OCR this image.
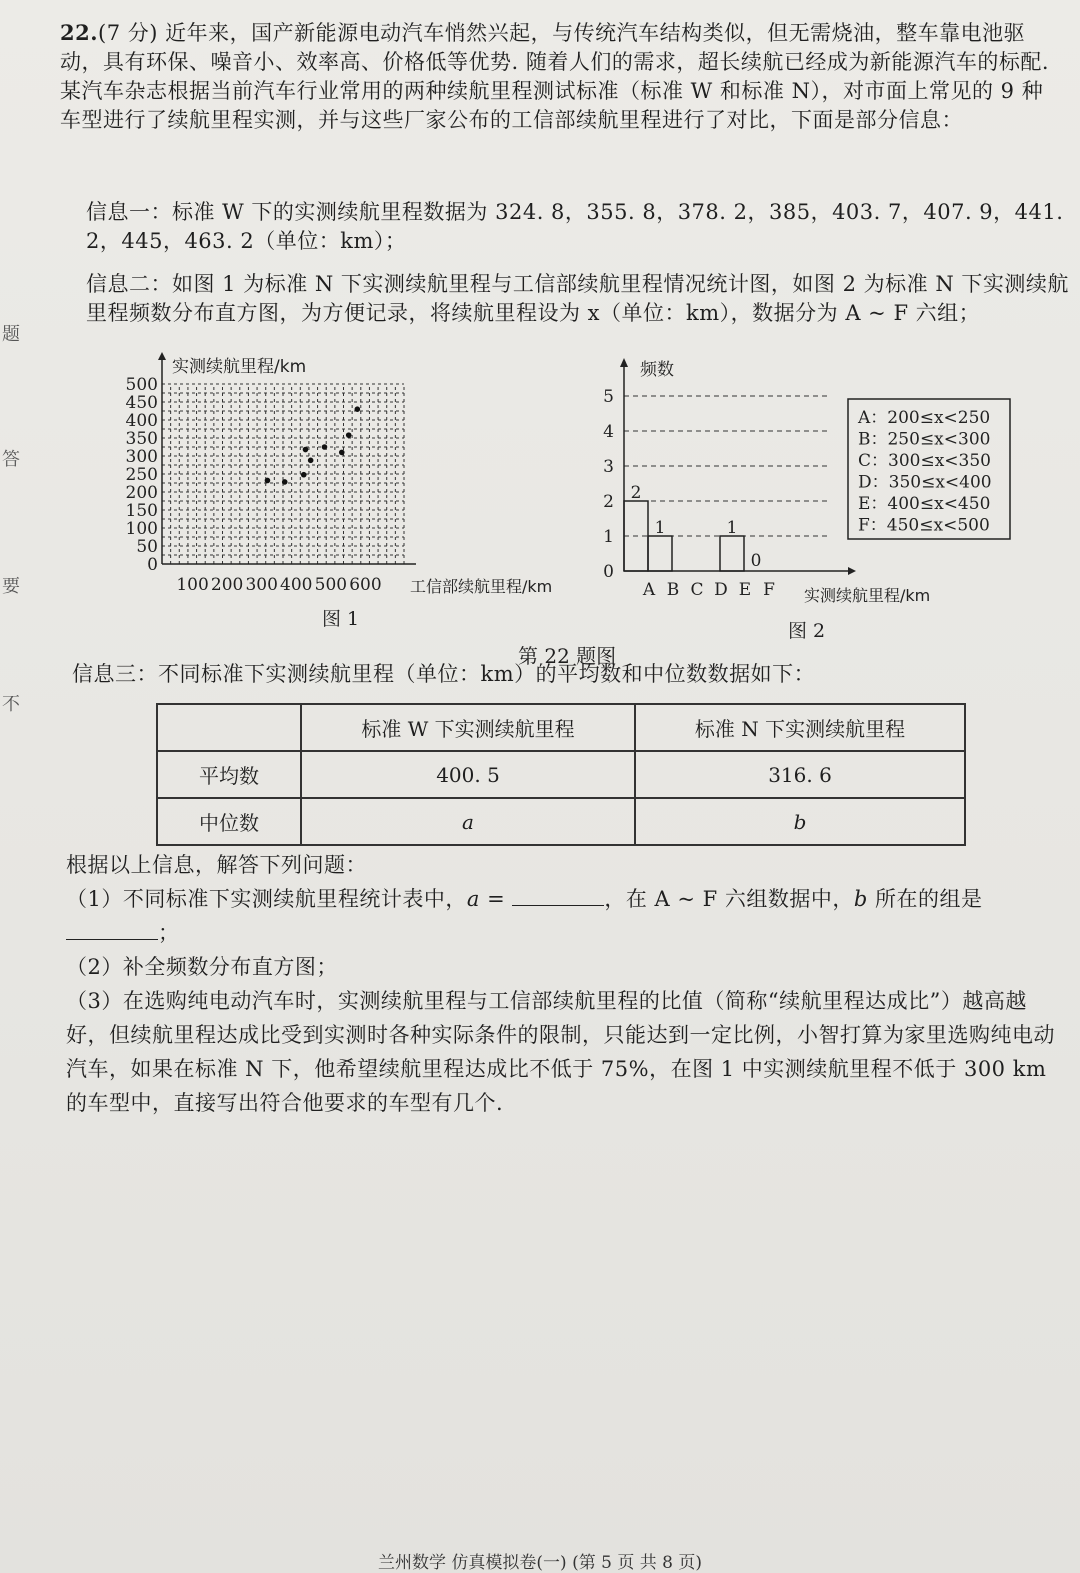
题
答
要
不

22.(7 分) 近年来，国产新能源电动汽车悄然兴起，与传统汽车结构类似，但无需烧油，整车靠电池驱动，具有环保、噪音小、效率高、价格低等优势. 随着人们的需求，超长续航已经成为新能源汽车的标配. 某汽车杂志根据当前汽车行业常用的两种续航里程测试标准（标准 W 和标准 N），对市面上常见的 9 种车型进行了续航里程实测，并与这些厂家公布的工信部续航里程进行了对比，下面是部分信息：

信息一：标准 W 下的实测续航里程数据为 324. 8，355. 8，378. 2，385，403. 7，407. 9，441. 2，445，463. 2（单位：km）；

信息二：如图 1 为标准 N 下实测续航里程与工信部续航里程情况统计图，如图 2 为标准 N 下实测续航里程频数分布直方图，为方便记录，将续航里程设为 x（单位：km），数据分为 A ~ F 六组；

0
50
100
150
200
250
300
350
400
450
500
100 200 300 400 500 600
实测续航里程/km
工信部续航里程/km
图 1
0
1
2
3
4
5
频数
2
A
1
B C D
1
E
0
F 实测续航里程/km
A：200≤x<250
B：250≤x<300
C：300≤x<350
D：350≤x<400
E：400≤x<450
F：450≤x<500
图 2
第 22 题图

信息三：不同标准下实测续航里程（单位：km）的平均数和中位数数据如下：

	标准 W 下实测续航里程	标准 N 下实测续航里程
平均数	400. 5	316. 6
中位数	a	b

根据以上信息，解答下列问题：

（1）不同标准下实测续航里程统计表中，a =	，在 A ~ F 六组数据中，b 所在的组是；

（2）补全频数分布直方图；

（3）在选购纯电动汽车时，实测续航里程与工信部续航里程的比值（简称“续航里程达成比”）越高越好，但续航里程达成比受到实测时各种实际条件的限制，只能达到一定比例，小智打算为家里选购纯电动汽车，如果在标准 N 下，他希望续航里程达成比不低于 75%，在图 1 中实测续航里程不低于 300 km 的车型中，直接写出符合他要求的车型有几个.

兰州数学 仿真模拟卷(一) (第 5 页 共 8 页)
